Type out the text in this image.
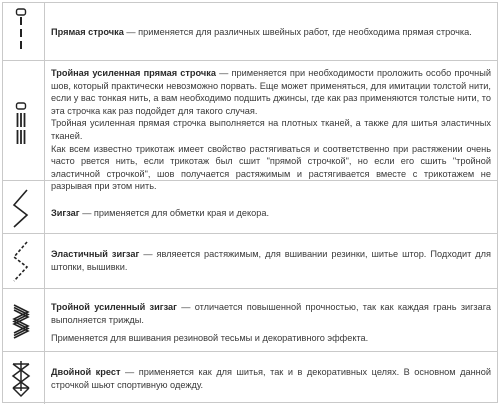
Прямая строчка — применяется для различных швейных работ, где необходима прямая строчка.

Тройная усиленная прямая строчка — применяется при необходимости проложить особо прочный шов, который практически невозможно порвать. Еще может применяться, для имитации толстой нити, если у вас тонкая нить, а вам необходимо подшить джинсы, где как раз применяются толстые нити, то эта строчка как раз подойдет для такого случая.

Тройная усиленная прямая строчка выполняется на плотных тканей, а также для шитья эластичных тканей.

Как всем известно трикотаж имеет свойство растягиваться и соответственно при растяжении очень часто рвется нить, если трикотаж был сшит "прямой строчкой", но если его сшить "тройной эластичной строчкой", шов получается растяжимым и растягивается вместе с трикотажем не разрывая при этом нить.

Зигзаг — применяется для обметки края и декора.

Эластичный зигзаг — являеется растяжимым, для вшивании резинки, шитье штор. Подходит для штопки, вышивки.

Тройной усиленный зигзаг — отличается повышенной прочностью, так как каждая грань зигзага выполняется трижды.

Применяется для вшивания резиновой тесьмы и декоративного эффекта.

Двойной крест — применяется как для шитья, так и в декоративных целях. В основном данной строчкой шьют спортивную одежду.
